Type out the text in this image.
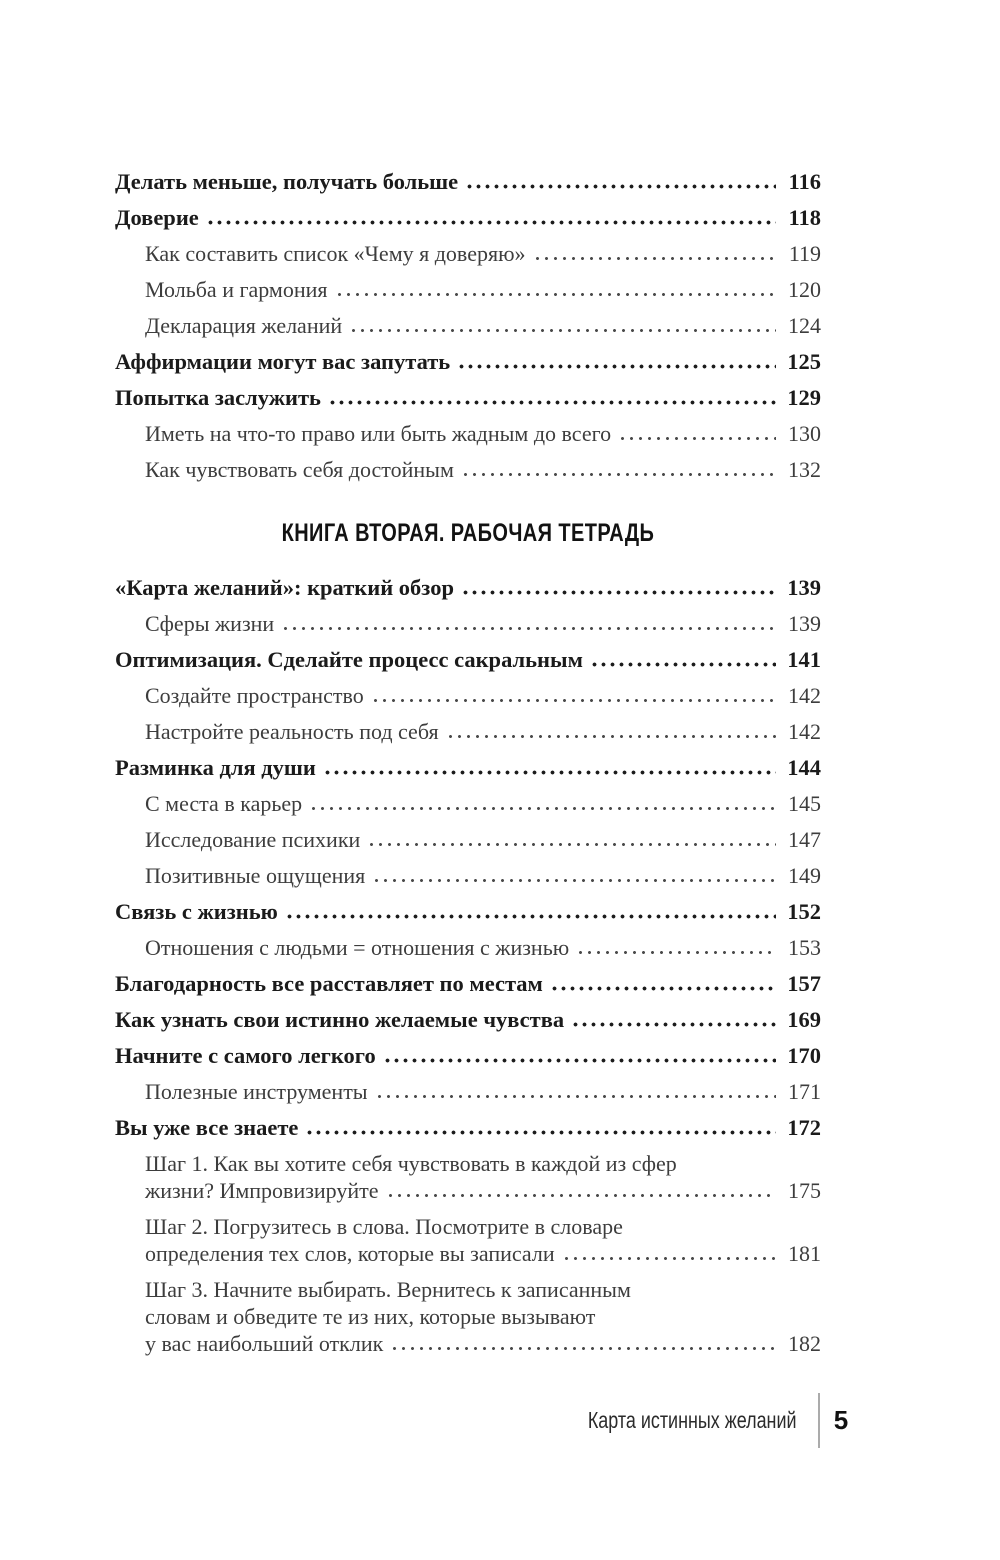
Делать меньше, получать больше	116
Доверие	118
Как составить список «Чему я доверяю»	119
Мольба и гармония	120
Декларация желаний	124
Аффирмации могут вас запутать	125
Попытка заслужить	129
Иметь на что-то право или быть жадным до всего	130
Как чувствовать себя достойным	132
КНИГА ВТОРАЯ. РАБОЧАЯ ТЕТРАДЬ
«Карта желаний»: краткий обзор	139
Сферы жизни	139
Оптимизация. Сделайте процесс сакральным	141
Создайте пространство	142
Настройте реальность под себя	142
Разминка для души	144
С места в карьер	145
Исследование психики	147
Позитивные ощущения	149
Связь с жизнью	152
Отношения с людьми = отношения с жизнью	153
Благодарность все расставляет по местам	157
Как узнать свои истинно желаемые чувства	169
Начните с самого легкого	170
Полезные инструменты	171
Вы уже все знаете	172
Шаг 1. Как вы хотите себя чувствовать в каждой из сфер
жизни? Импровизируйте	175
Шаг 2. Погрузитесь в слова. Посмотрите в словаре
определения тех слов, которые вы записали	181
Шаг 3. Начните выбирать. Вернитесь к записанным
словам и обведите те из них, которые вызывают
у вас наибольший отклик	182
Карта истинных желаний	5
